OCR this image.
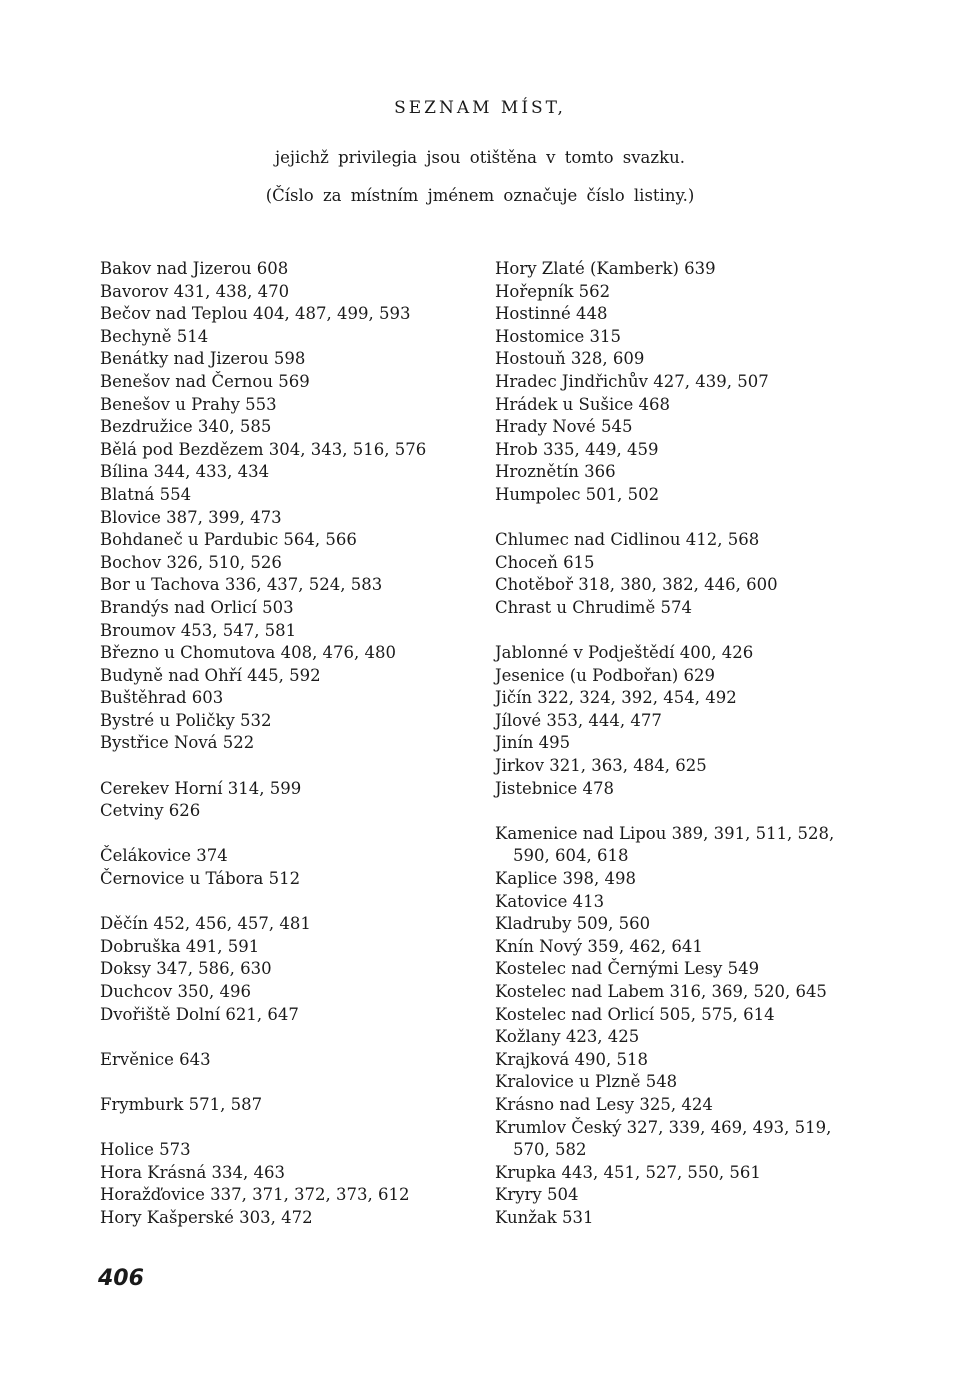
SEZNAM MÍST,
jejichž privilegia jsou otištěna v tomto svazku.
(Číslo za místním jménem označuje číslo listiny.)
Bakov nad Jizerou 608
Bavorov 431, 438, 470
Bečov nad Teplou 404, 487, 499, 593
Bechyně 514
Benátky nad Jizerou 598
Benešov nad Černou 569
Benešov u Prahy 553
Bezdružice 340, 585
Bělá pod Bezdězem 304, 343, 516, 576
Bílina 344, 433, 434
Blatná 554
Blovice 387, 399, 473
Bohdaneč u Pardubic 564, 566
Bochov 326, 510, 526
Bor u Tachova 336, 437, 524, 583
Brandýs nad Orlicí 503
Broumov 453, 547, 581
Březno u Chomutova 408, 476, 480
Budyně nad Ohří 445, 592
Buštěhrad 603
Bystré u Poličky 532
Bystřice Nová 522
Cerekev Horní 314, 599
Cetviny 626
Čelákovice 374
Černovice u Tábora 512
Děčín 452, 456, 457, 481
Dobruška 491, 591
Doksy 347, 586, 630
Duchcov 350, 496
Dvořiště Dolní 621, 647
Ervěnice 643
Frymburk 571, 587
Holice 573
Hora Krásná 334, 463
Horažďovice 337, 371, 372, 373, 612
Hory Kašperské 303, 472
Hory Zlaté (Kamberk) 639
Hořepník 562
Hostinné 448
Hostomice 315
Hostouň 328, 609
Hradec Jindřichův 427, 439, 507
Hrádek u Sušice 468
Hrady Nové 545
Hrob 335, 449, 459
Hroznětín 366
Humpolec 501, 502
Chlumec nad Cidlinou 412, 568
Choceň 615
Chotěboř 318, 380, 382, 446, 600
Chrast u Chrudimě 574
Jablonné v Podještědí 400, 426
Jesenice (u Podbořan) 629
Jičín 322, 324, 392, 454, 492
Jílové 353, 444, 477
Jinín 495
Jirkov 321, 363, 484, 625
Jistebnice 478
Kamenice nad Lipou 389, 391, 511, 528,
590, 604, 618
Kaplice 398, 498
Katovice 413
Kladruby 509, 560
Knín Nový 359, 462, 641
Kostelec nad Černými Lesy 549
Kostelec nad Labem 316, 369, 520, 645
Kostelec nad Orlicí 505, 575, 614
Kožlany 423, 425
Krajková 490, 518
Kralovice u Plzně 548
Krásno nad Lesy 325, 424
Krumlov Český 327, 339, 469, 493, 519,
570, 582
Krupka 443, 451, 527, 550, 561
Kryry 504
Kunžak 531
406
